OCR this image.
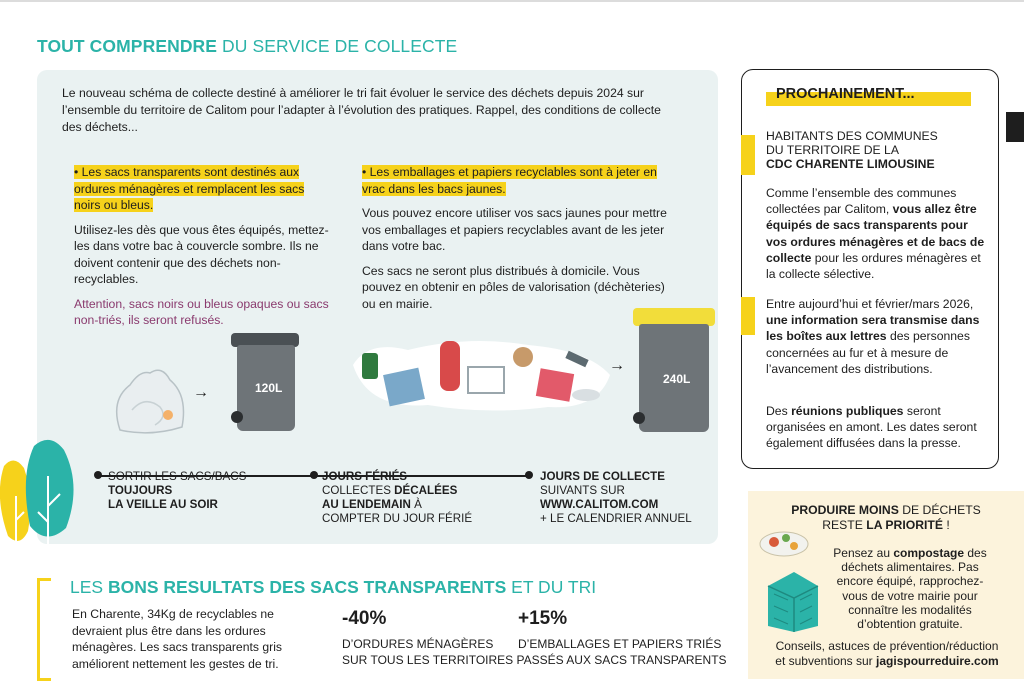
TOUT COMPRENDRE DU SERVICE DE COLLECTE

Le nouveau schéma de collecte destiné à améliorer le tri fait évoluer le service des déchets depuis 2024 sur l’ensemble du territoire de Calitom pour l’adapter à l’évolution des pratiques. Rappel, des conditions de collecte des déchets...

• Les sacs transparents sont destinés aux ordures ménagères et remplacent les sacs noirs ou bleus.

Utilisez-les dès que vous êtes équipés, mettez-les dans votre bac à couvercle sombre. Ils ne doivent contenir que des déchets non-recyclables.

Attention, sacs noirs ou bleus opaques ou sacs non-triés, ils seront refusés.

• Les emballages et papiers recyclables sont à jeter en vrac dans les bacs jaunes.

Vous pouvez encore utiliser vos sacs jaunes pour mettre vos emballages et papiers recyclables avant de les jeter dans votre bac.

Ces sacs ne seront plus distribués à domicile. Vous pouvez en obtenir en pôles de valorisation (déchèteries) ou en mairie.

→	120L
→
240L
SORTIR LES SACS/BACS
TOUJOURS
LA VEILLE AU SOIR
JOURS FÉRIÉS
COLLECTES DÉCALÉES
AU LENDEMAIN À
COMPTER DU JOUR FÉRIÉ
JOURS DE COLLECTE
SUIVANTS SUR
WWW.CALITOM.COM
+ LE CALENDRIER ANNUEL
PROCHAINEMENT...
HABITANTS DES COMMUNES
DU TERRITOIRE DE LA
CDC CHARENTE LIMOUSINE
Comme l’ensemble des communes collectées par Calitom, vous allez être équipés de sacs transparents pour vos ordures ménagères et de bacs de collecte pour les ordures ménagères et la collecte sélective.
Entre aujourd’hui et février/mars 2026, une information sera transmise dans les boîtes aux lettres des personnes concernées au fur et à mesure de l’avancement des distributions.
Des réunions publiques seront organisées en amont. Les dates seront également diffusées dans la presse.
PRODUIRE MOINS DE DÉCHETS
RESTE LA PRIORITÉ !
Pensez au compostage des déchets alimentaires. Pas encore équipé, rapprochez-vous de votre mairie pour connaître les modalités d’obtention gratuite.
Conseils, astuces de prévention/réduction et subventions sur jagispourreduire.com
LES BONS RESULTATS DES SACS TRANSPARENTS ET DU TRI

En Charente, 34Kg de recyclables ne devraient plus être dans les ordures ménagères. Les sacs transparents gris améliorent nettement les gestes de tri.

-40%
D’ORDURES MÉNAGÈRES
+15%
D’EMBALLAGES ET PAPIERS TRIÉS
SUR TOUS LES TERRITOIRES PASSÉS AUX SACS TRANSPARENTS
